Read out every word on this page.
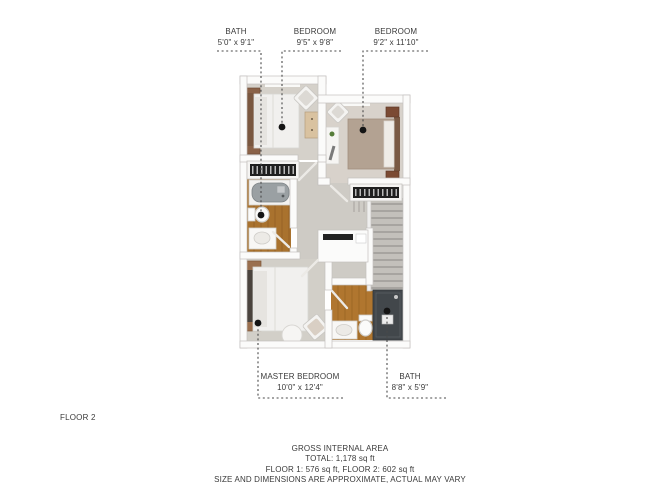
BATH
5'0" x 9'1"
BEDROOM
9'5" x 9'8"
BEDROOM
9'2" x 11'10"
MASTER BEDROOM
10'0" x 12'4"
BATH
8'8" x 5'9"
FLOOR 2
GROSS INTERNAL AREA
TOTAL: 1,178 sq ft
FLOOR 1: 576 sq ft, FLOOR 2: 602 sq ft
SIZE AND DIMENSIONS ARE APPROXIMATE, ACTUAL MAY VARY
